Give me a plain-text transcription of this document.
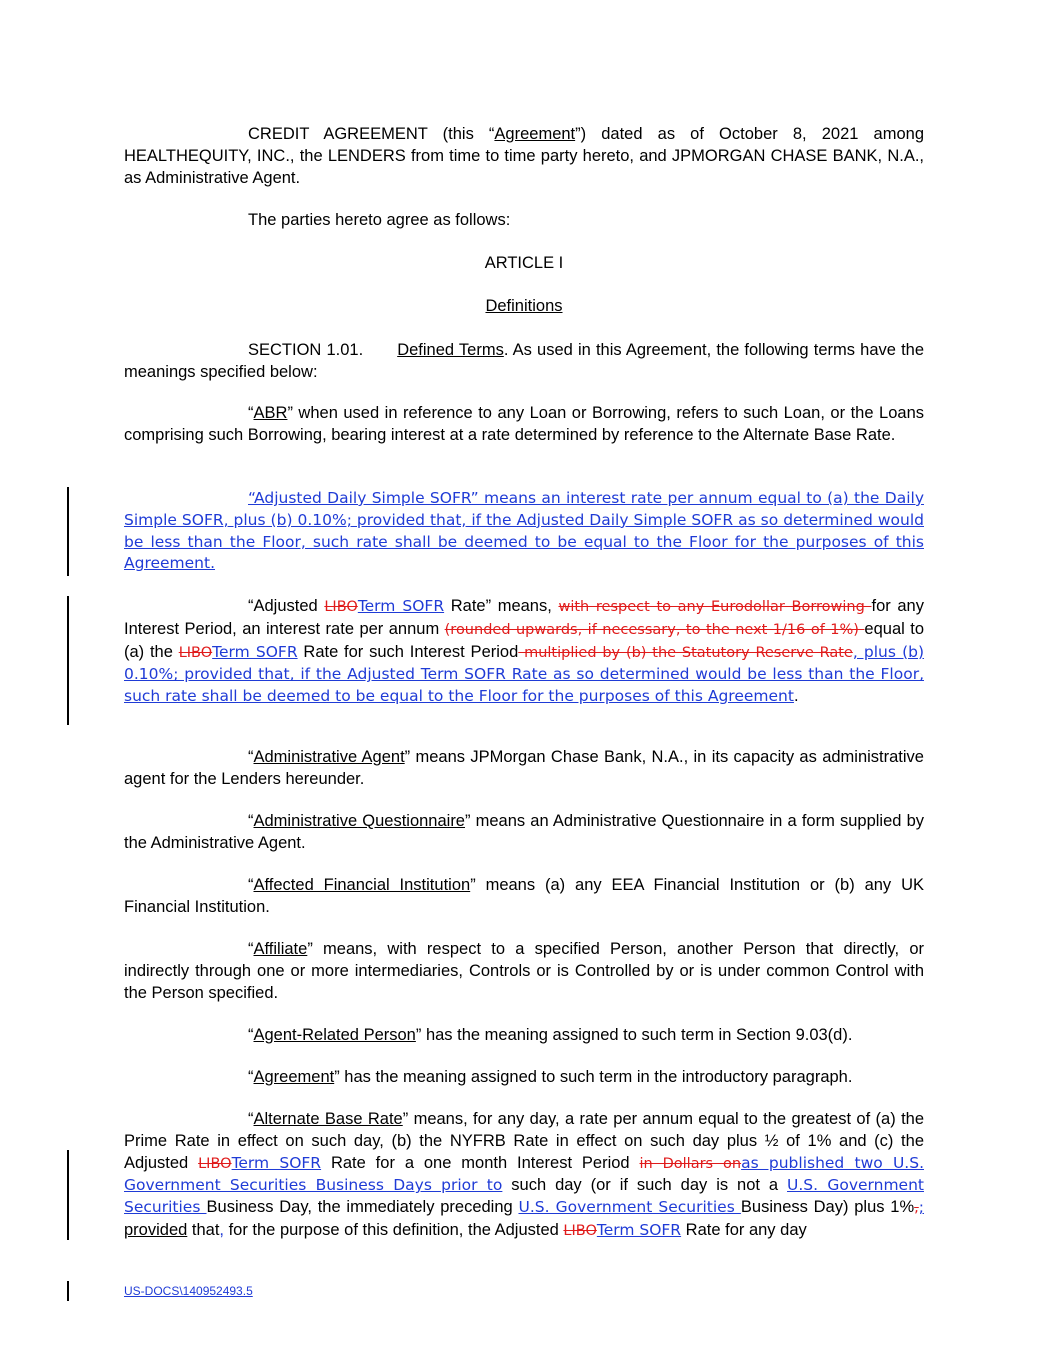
CREDIT AGREEMENT (this “Agreement”) dated as of October 8, 2021 among HEALTHEQUITY, INC., the LENDERS from time to time party hereto, and JPMORGAN CHASE BANK, N.A., as Administrative Agent.

The parties hereto agree as follows:

ARTICLE I

Definitions

SECTION 1.01. Defined Terms. As used in this Agreement, the following terms have the meanings specified below:

“ABR” when used in reference to any Loan or Borrowing, refers to such Loan, or the Loans comprising such Borrowing, bearing interest at a rate determined by reference to the Alternate Base Rate.

“Adjusted Daily Simple SOFR” means an interest rate per annum equal to (a) the Daily Simple SOFR, plus (b) 0.10%; provided that, if the Adjusted Daily Simple SOFR as so determined would be less than the Floor, such rate shall be deemed to be equal to the Floor for the purposes of this Agreement.

“Adjusted LIBOTerm SOFR Rate” means, with respect to any Eurodollar Borrowing for any Interest Period, an interest rate per annum (rounded upwards, if necessary, to the next 1/16 of 1%) equal to (a) the LIBOTerm SOFR Rate for such Interest Period multiplied by (b) the Statutory Reserve Rate, plus (b) 0.10%; provided that, if the Adjusted Term SOFR Rate as so determined would be less than the Floor, such rate shall be deemed to be equal to the Floor for the purposes of this Agreement.

“Administrative Agent” means JPMorgan Chase Bank, N.A., in its capacity as administrative agent for the Lenders hereunder.

“Administrative Questionnaire” means an Administrative Questionnaire in a form supplied by the Administrative Agent.

“Affected Financial Institution” means (a) any EEA Financial Institution or (b) any UK Financial Institution.

“Affiliate” means, with respect to a specified Person, another Person that directly, or indirectly through one or more intermediaries, Controls or is Controlled by or is under common Control with the Person specified.

“Agent-Related Person” has the meaning assigned to such term in Section 9.03(d).

“Agreement” has the meaning assigned to such term in the introductory paragraph.

“Alternate Base Rate” means, for any day, a rate per annum equal to the greatest of (a) the Prime Rate in effect on such day, (b) the NYFRB Rate in effect on such day plus ½ of 1% and (c) the Adjusted LIBOTerm SOFR Rate for a one month Interest Period in Dollars onas published two U.S. Government Securities Business Days prior to such day (or if such day is not a U.S. Government Securities Business Day, the immediately preceding U.S. Government Securities Business Day) plus 1%,; provided that, for the purpose of this definition, the Adjusted LIBOTerm SOFR Rate for any day

US-DOCS\140952493.5
